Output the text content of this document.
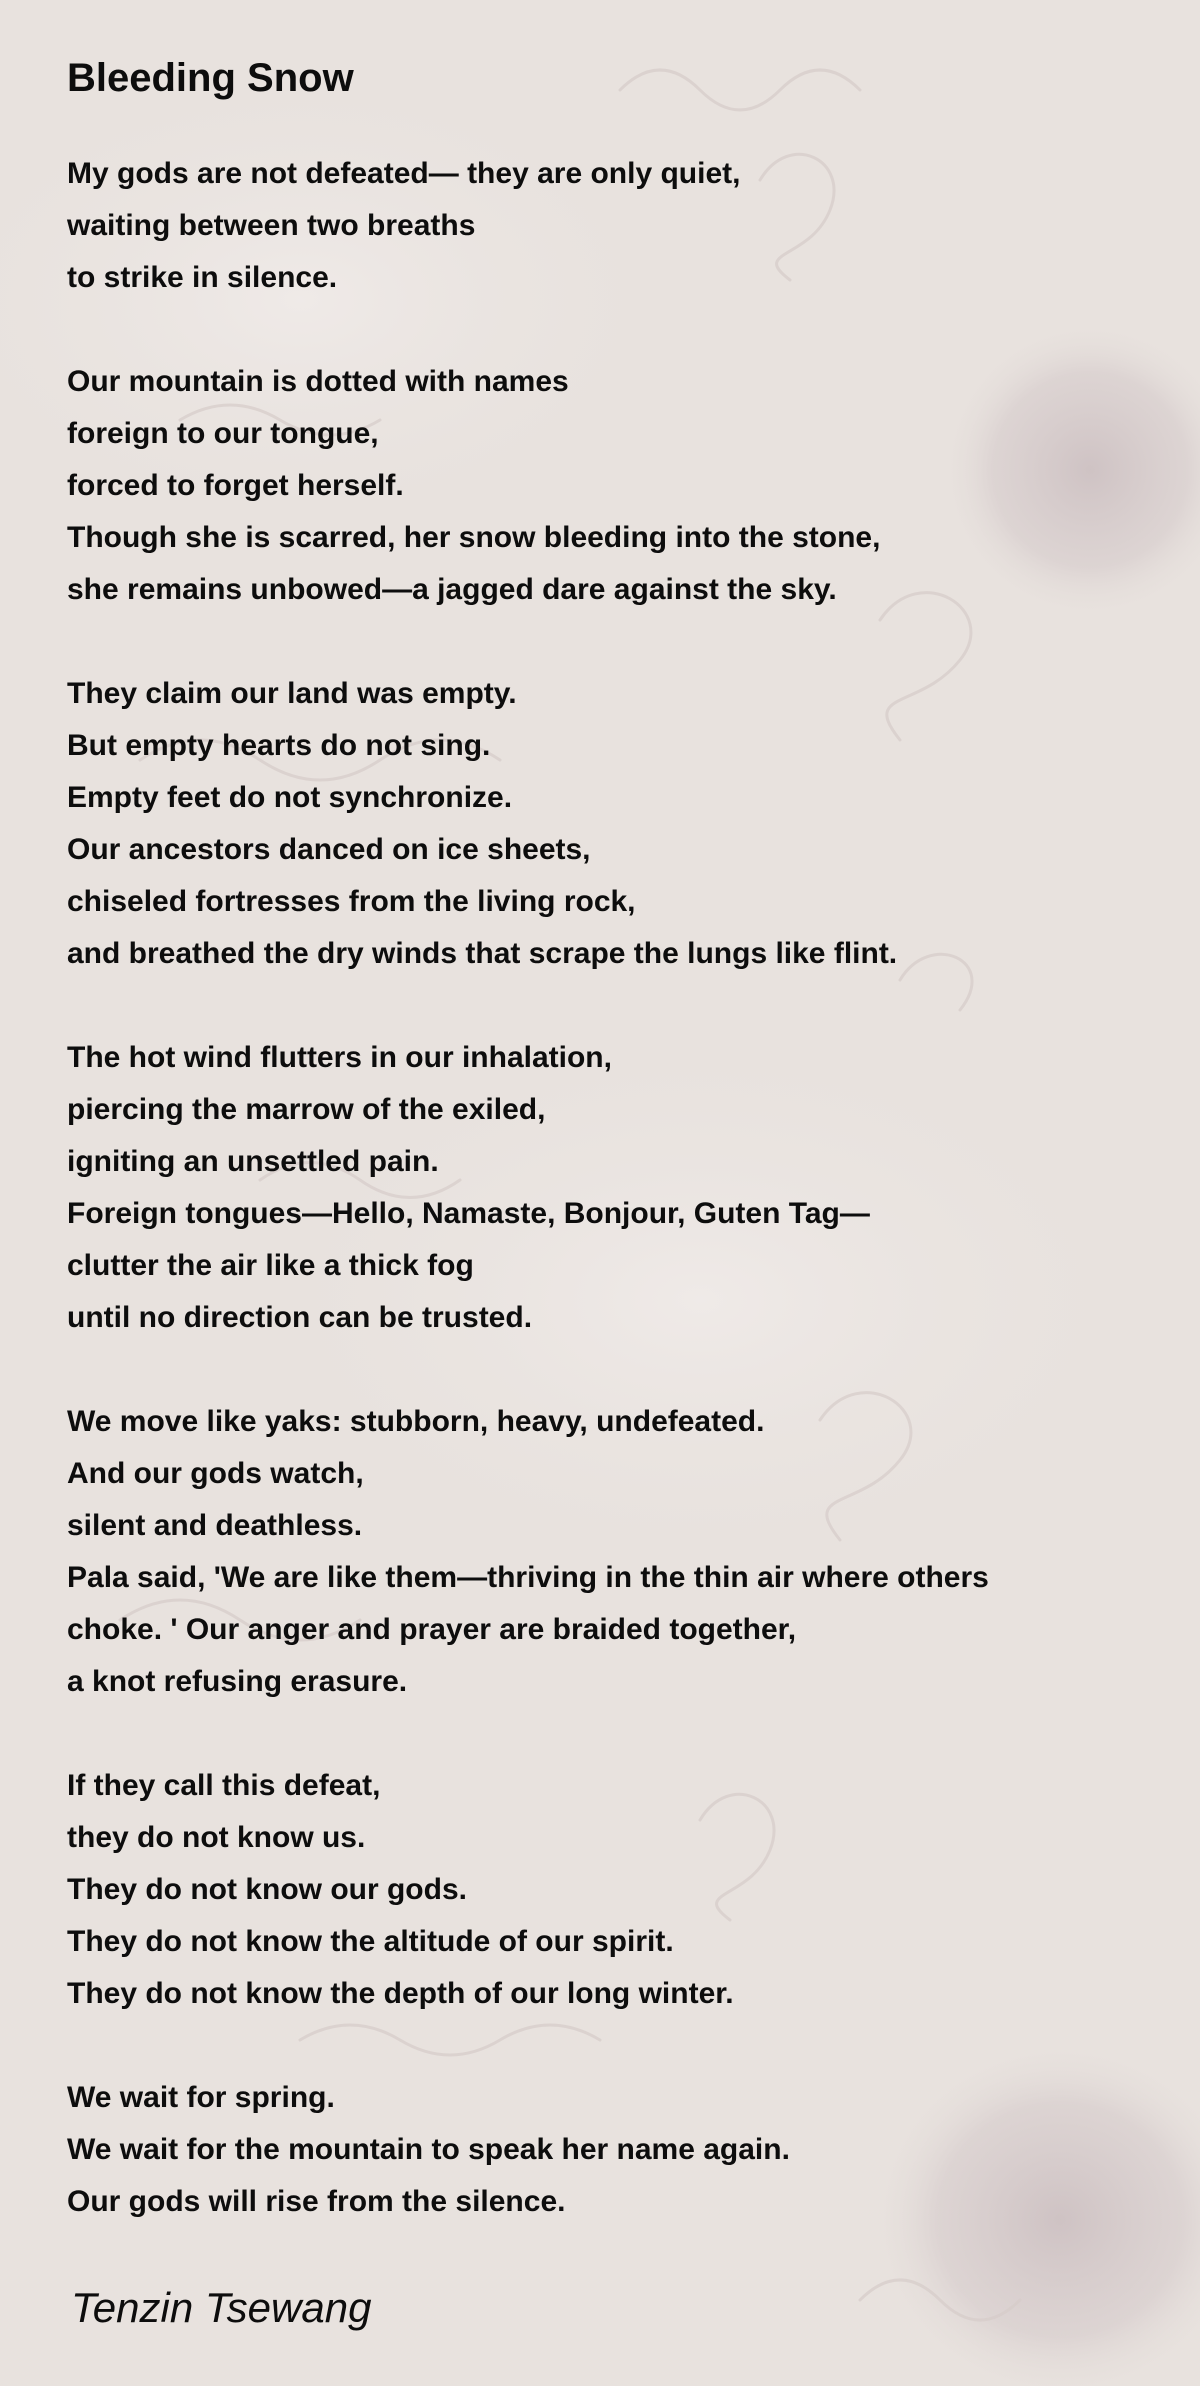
Bleeding Snow
My gods are not defeated— they are only quiet,
waiting between two breaths
to strike in silence.
Our mountain is dotted with names
foreign to our tongue,
forced to forget herself.
Though she is scarred, her snow bleeding into the stone,
she remains unbowed—a jagged dare against the sky.
They claim our land was empty.
But empty hearts do not sing.
Empty feet do not synchronize.
Our ancestors danced on ice sheets,
chiseled fortresses from the living rock,
and breathed the dry winds that scrape the lungs like flint.
The hot wind flutters in our inhalation,
piercing the marrow of the exiled,
igniting an unsettled pain.
Foreign tongues—Hello, Namaste, Bonjour, Guten Tag—
clutter the air like a thick fog
until no direction can be trusted.
We move like yaks: stubborn, heavy, undefeated.
And our gods watch,
silent and deathless.
Pala said, 'We are like them—thriving in the thin air where others
choke. ' Our anger and prayer are braided together,
a knot refusing erasure.
If they call this defeat,
they do not know us.
They do not know our gods.
They do not know the altitude of our spirit.
They do not know the depth of our long winter.
We wait for spring.
We wait for the mountain to speak her name again.
Our gods will rise from the silence.
Tenzin Tsewang
